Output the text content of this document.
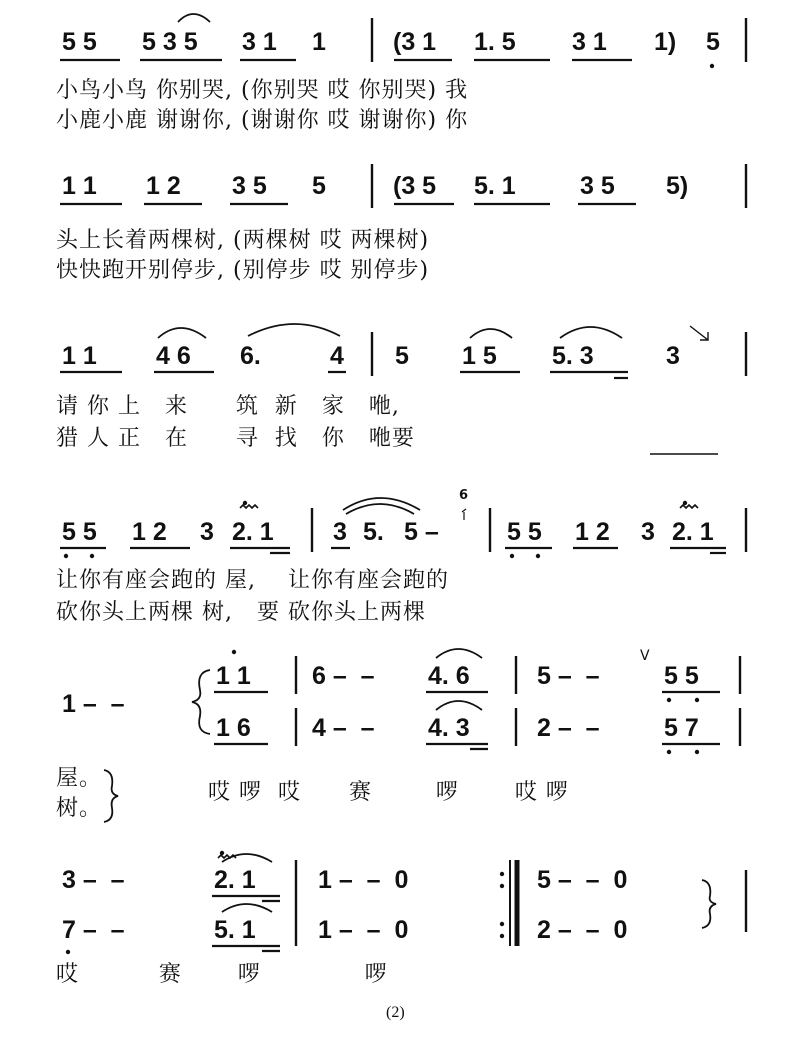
5 5 5 3 5 3 1 1	(3 1 1. 5 3 1 1) 5
小鸟小鸟 你别哭, (你别哭 哎 你别哭) 我
小鹿小鹿 谢谢你, (谢谢你 哎 谢谢你) 你
1 1 1 2 3 5 5	(3 5 5. 1	3 5 5)
头上长着两棵树, (两棵树 哎 两棵树)
快快跑开别停步, (别停步 哎 别停步)
1 1 4 6 6.	4 5 1 5 5. 3	3
请 你 上   来      筑  新   家   咃,
猎 人 正   在      寻  找   你   咃要
5 5 1 2 3 2. 1 3 5. 5 –	5 5 1 2 3 2. 1
6
让你有座会跑的 屋,    让你有座会跑的
砍你头上两棵 树,   要 砍你头上两棵
1 –  –
1 1 6 –  – 4. 6	5 –  –	5 5
V
1 6 4 –  – 4. 3	2 –  –	5 7
屋。
树。
哎 啰  哎      赛        啰       哎 啰
3 –  –	2. 1 1 –  –  0	5 –  –  0
7 –  –	5. 1 1 –  –  0	2 –  –  0
哎          赛       啰             啰
(2)
